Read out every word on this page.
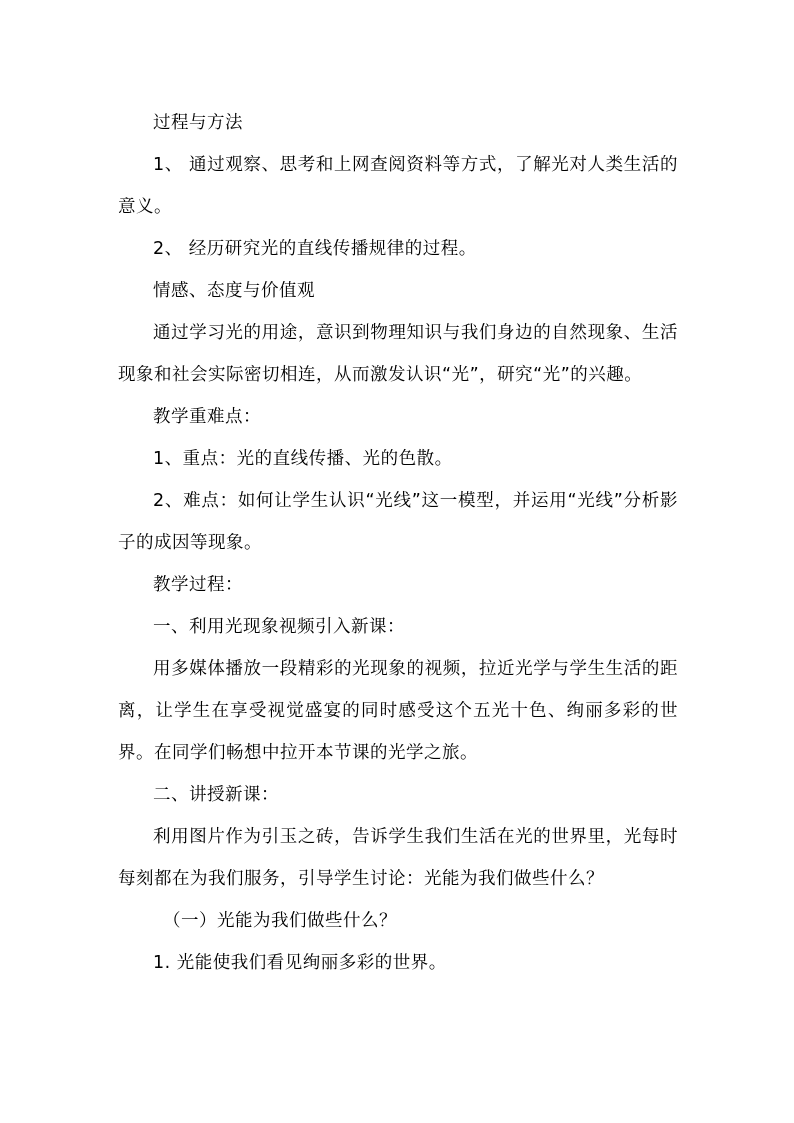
过程与方法

1、 通过观察、思考和上网查阅资料等方式，了解光对人类生活的意义。

2、 经历研究光的直线传播规律的过程。

情感、态度与价值观

通过学习光的用途，意识到物理知识与我们身边的自然现象、生活现象和社会实际密切相连，从而激发认识“光”，研究“光”的兴趣。

教学重难点：

1、重点：光的直线传播、光的色散。

2、难点：如何让学生认识“光线”这一模型，并运用“光线”分析影子的成因等现象。

教学过程：

一、利用光现象视频引入新课：

用多媒体播放一段精彩的光现象的视频，拉近光学与学生生活的距离，让学生在享受视觉盛宴的同时感受这个五光十色、绚丽多彩的世界。在同学们畅想中拉开本节课的光学之旅。

二、讲授新课：

利用图片作为引玉之砖，告诉学生我们生活在光的世界里，光每时每刻都在为我们服务，引导学生讨论：光能为我们做些什么？

（一）光能为我们做些什么？

1. 光能使我们看见绚丽多彩的世界。
